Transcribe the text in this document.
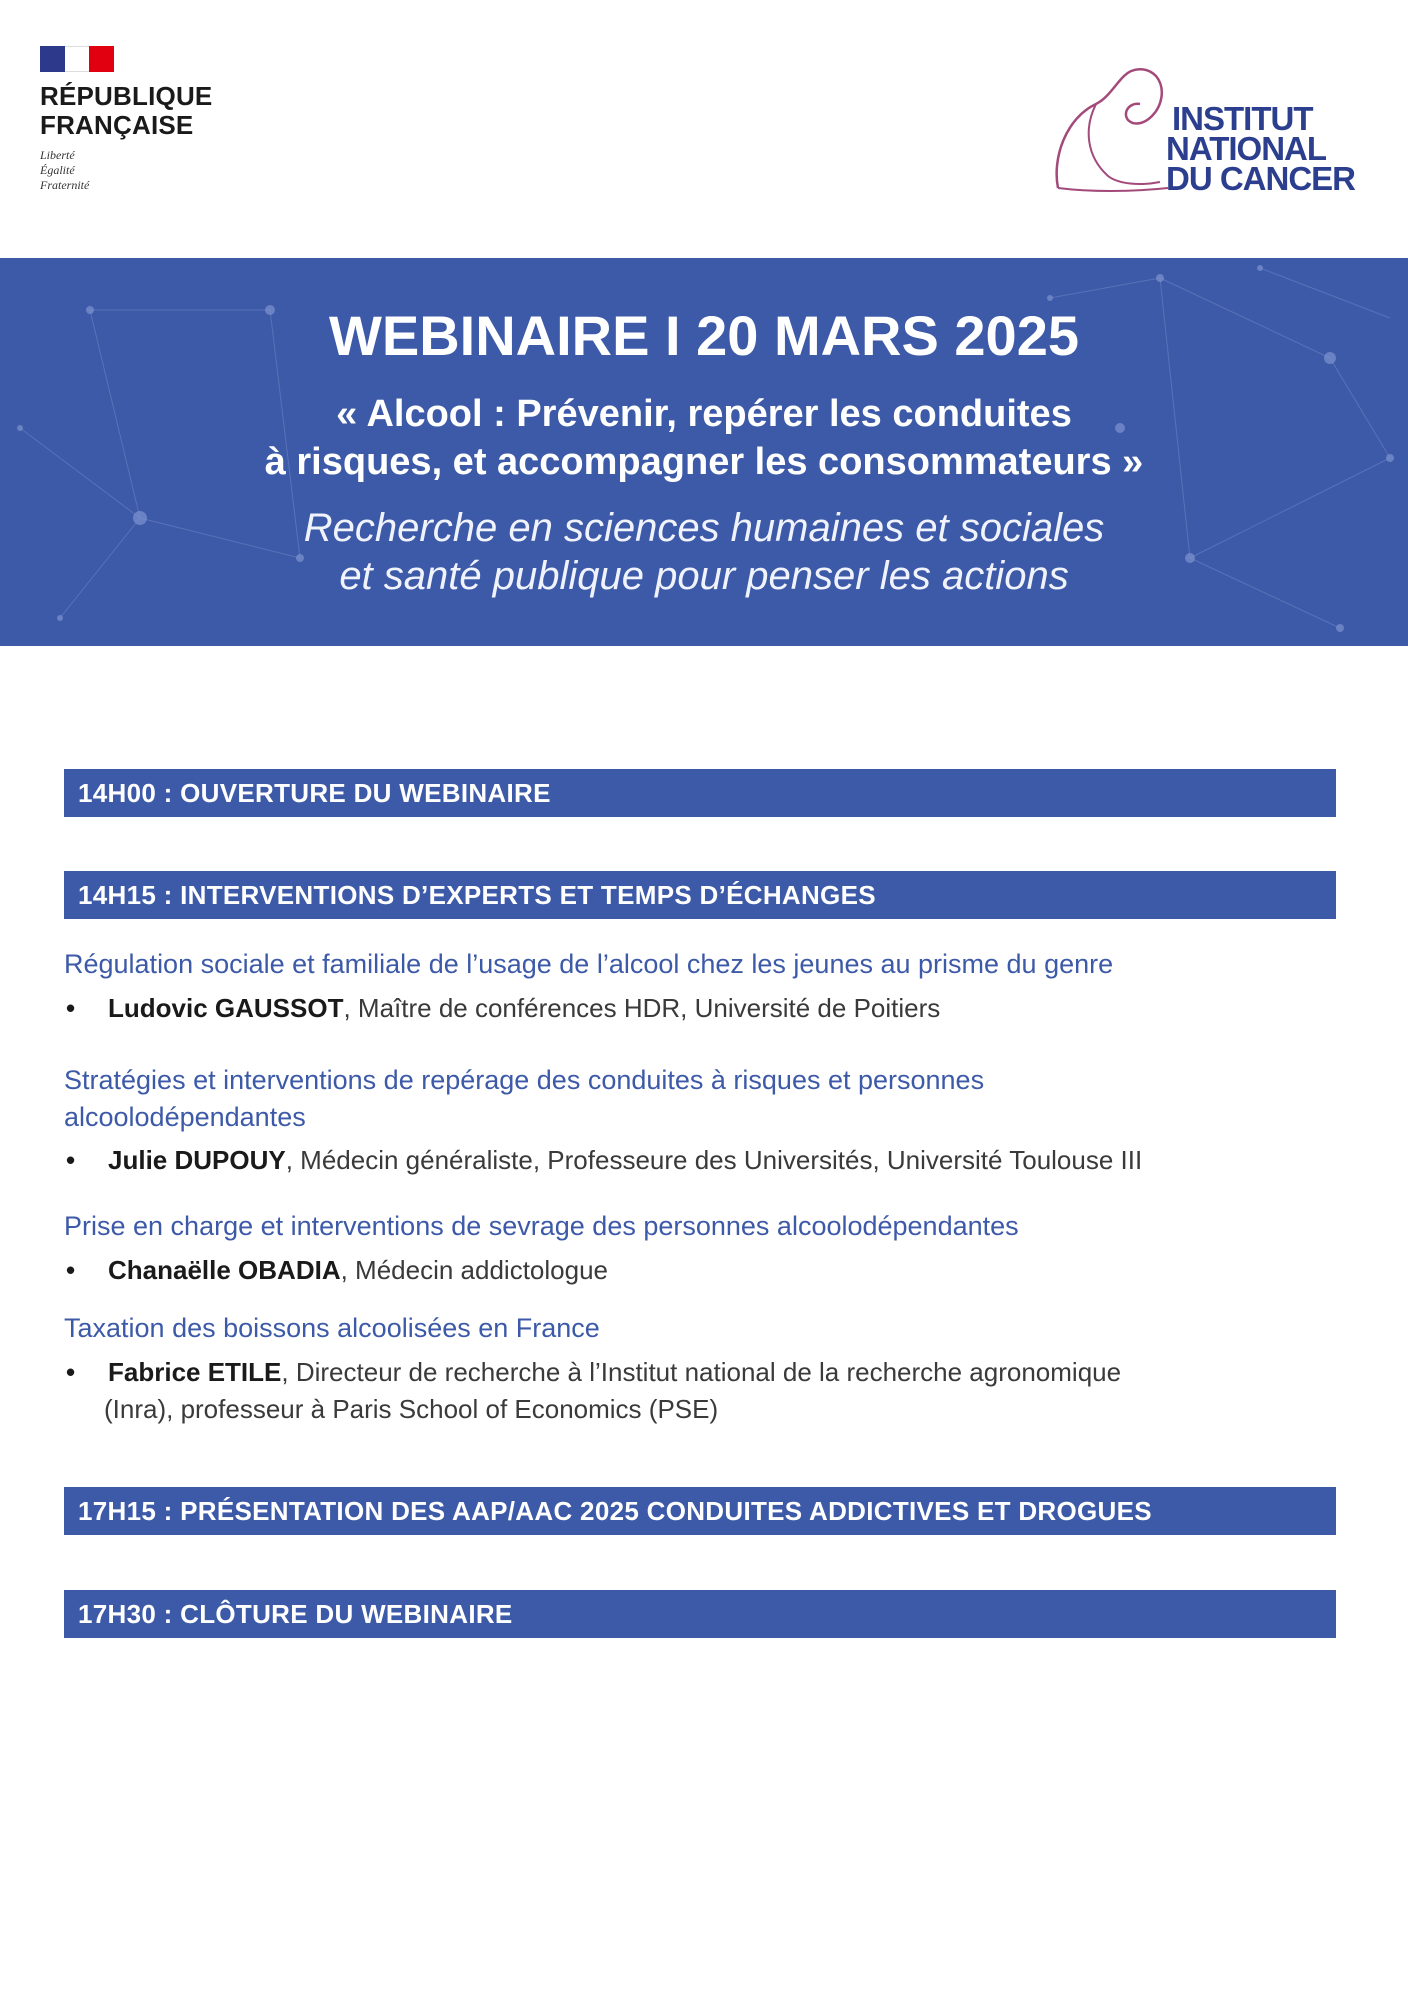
RÉPUBLIQUE
FRANÇAISE
Liberté
Égalité
Fraternité
INSTITUT
NATIONAL
DU CANCER
WEBINAIRE I 20 MARS 2025
« Alcool : Prévenir, repérer les conduites
à risques, et accompagner les consommateurs »
Recherche en sciences humaines et sociales
et santé publique pour penser les actions
14H00 : OUVERTURE DU WEBINAIRE
14H15 : INTERVENTIONS D’EXPERTS ET TEMPS D’ÉCHANGES
Régulation sociale et familiale de l’usage de l’alcool chez les jeunes au prisme du genre
• Ludovic GAUSSOT, Maître de conférences HDR, Université de Poitiers
Stratégies et interventions de repérage des conduites à risques et personnes
alcoolodépendantes
• Julie DUPOUY, Médecin généraliste, Professeure des Universités, Université Toulouse III
Prise en charge et interventions de sevrage des personnes alcoolodépendantes
• Chanaëlle OBADIA, Médecin addictologue
Taxation des boissons alcoolisées en France
• Fabrice ETILE, Directeur de recherche à l’Institut national de la recherche agronomique
(Inra), professeur à Paris School of Economics (PSE)
17H15 : PRÉSENTATION DES AAP/AAC 2025 CONDUITES ADDICTIVES ET DROGUES
17H30 : CLÔTURE DU WEBINAIRE
